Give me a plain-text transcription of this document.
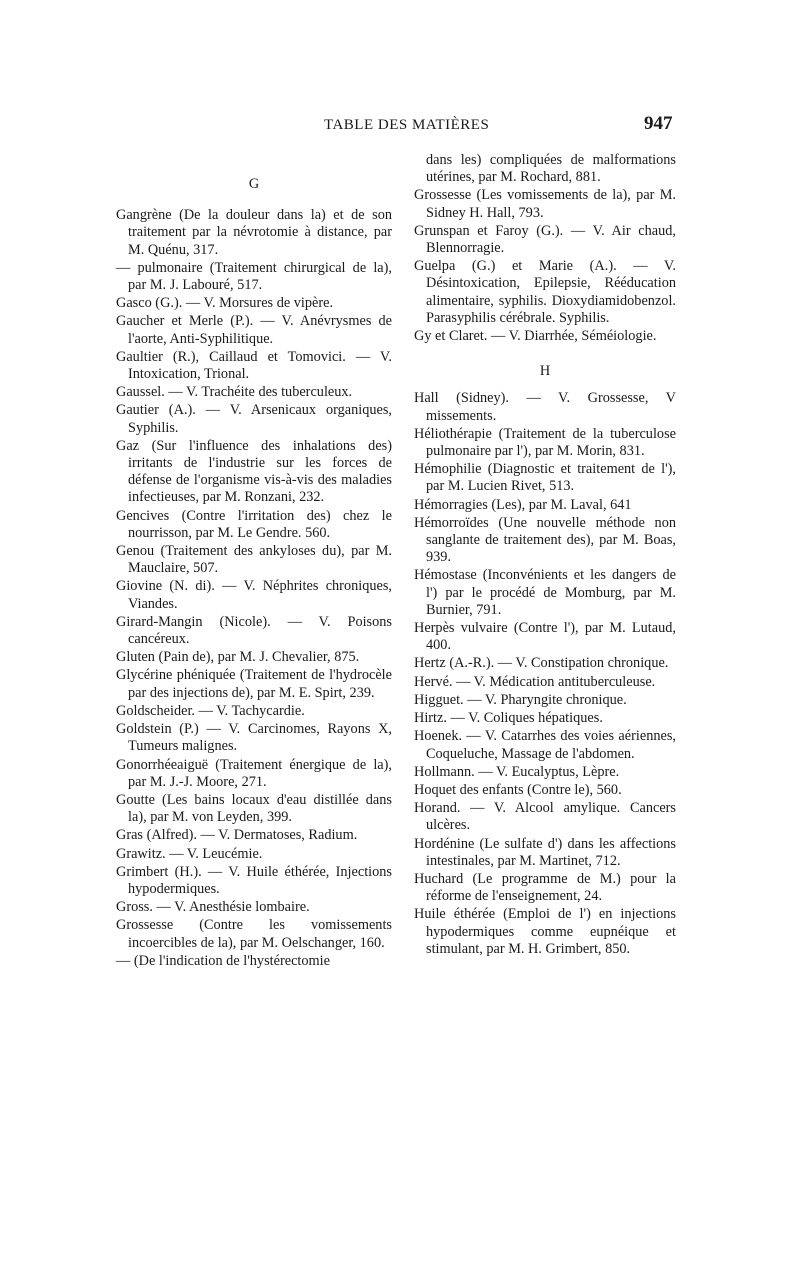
TABLE DES MATIÈRES	947

G

Gangrène (De la douleur dans la) et de son traitement par la névrotomie à distance, par M. Quénu, 317.

— pulmonaire (Traitement chirurgical de la), par M. J. Labouré, 517.

Gasco (G.). — V. Morsures de vipère.

Gaucher et Merle (P.). — V. Anévrysmes de l'aorte, Anti-Syphilitique.

Gaultier (R.), Caillaud et Tomovici. — V. Intoxication, Trional.

Gaussel. — V. Trachéite des tuberculeux.

Gautier (A.). — V. Arsenicaux organiques, Syphilis.

Gaz (Sur l'influence des inhalations des) irritants de l'industrie sur les forces de défense de l'organisme vis-à-vis des maladies infectieuses, par M. Ronzani, 232.

Gencives (Contre l'irritation des) chez le nourrisson, par M. Le Gendre. 560.

Genou (Traitement des ankyloses du), par M. Mauclaire, 507.

Giovine (N. di). — V. Néphrites chroniques, Viandes.

Girard-Mangin (Nicole). — V. Poisons cancéreux.

Gluten (Pain de), par M. J. Chevalier, 875.

Glycérine phéniquée (Traitement de l'hydrocèle par des injections de), par M. E. Spirt, 239.

Goldscheider. — V. Tachycardie.

Goldstein (P.) — V. Carcinomes, Rayons X, Tumeurs malignes.

Gonorrhéeaiguë (Traitement énergique de la), par M. J.-J. Moore, 271.

Goutte (Les bains locaux d'eau distillée dans la), par M. von Leyden, 399.

Gras (Alfred). — V. Dermatoses, Radium.

Grawitz. — V. Leucémie.

Grimbert (H.). — V. Huile éthérée, Injections hypodermiques.

Gross. — V. Anesthésie lombaire.

Grossesse (Contre les vomissements incoercibles de la), par M. Oelschanger, 160.

— (De l'indication de l'hystérectomie

dans les) compliquées de malformations utérines, par M. Rochard, 881.

Grossesse (Les vomissements de la), par M. Sidney H. Hall, 793.

Grunspan et Faroy (G.). — V. Air chaud, Blennorragie.

Guelpa (G.) et Marie (A.). — V. Désintoxication, Epilepsie, Rééducation alimentaire, syphilis. Dioxydiamidobenzol. Parasyphilis cérébrale. Syphilis.

Gy et Claret. — V. Diarrhée, Séméiologie.

H

Hall (Sidney). — V. Grossesse, V missements.

Héliothérapie (Traitement de la tuberculose pulmonaire par l'), par M. Morin, 831.

Hémophilie (Diagnostic et traitement de l'), par M. Lucien Rivet, 513.

Hémorragies (Les), par M. Laval, 641

Hémorroïdes (Une nouvelle méthode non sanglante de traitement des), par M. Boas, 939.

Hémostase (Inconvénients et les dangers de l') par le procédé de Momburg, par M. Burnier, 791.

Herpès vulvaire (Contre l'), par M. Lutaud, 400.

Hertz (A.-R.). — V. Constipation chronique.

Hervé. — V. Médication antituberculeuse.

Higguet. — V. Pharyngite chronique.

Hirtz. — V. Coliques hépatiques.

Hoenek. — V. Catarrhes des voies aériennes, Coqueluche, Massage de l'abdomen.

Hollmann. — V. Eucalyptus, Lèpre.

Hoquet des enfants (Contre le), 560.

Horand. — V. Alcool amylique. Cancers ulcères.

Hordénine (Le sulfate d') dans les affections intestinales, par M. Martinet, 712.

Huchard (Le programme de M.) pour la réforme de l'enseignement, 24.

Huile éthérée (Emploi de l') en injections hypodermiques comme eupnéique et stimulant, par M. H. Grimbert, 850.
